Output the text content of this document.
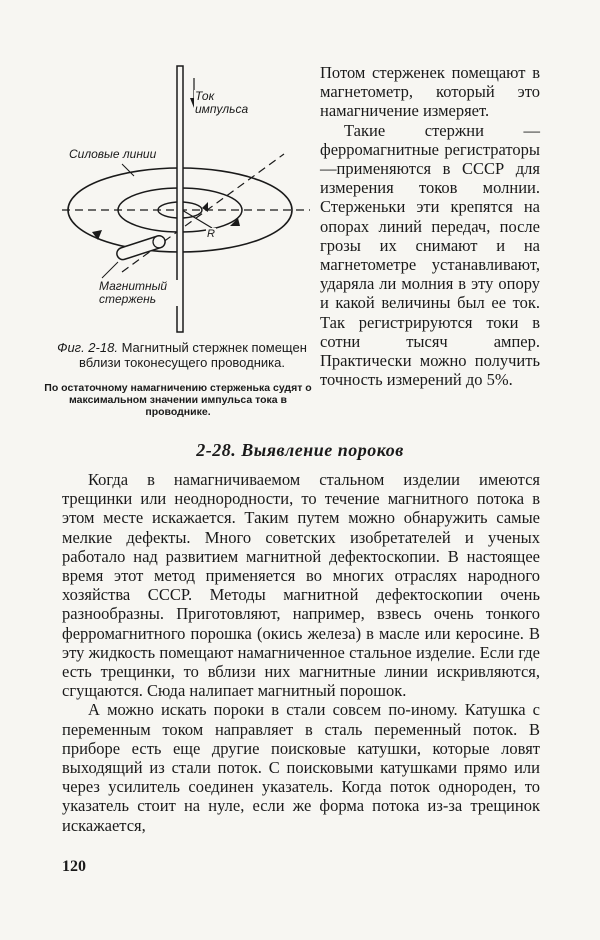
Ток импульса
Силовые линии
Магнитный стержень
R
Фиг. 2-18. Магнитный стержнек помещен вблизи токонесущего проводника.
По остаточному намагничению стерженька судят о максимальном значении импульса тока в проводнике.

Потом стерженек помещают в магнетометр, который это намагничение измеряет.

Такие стержни — ферромагнитные регистраторы—применяются в СССР для измерения токов молнии. Стерженьки эти крепятся на опорах линий передач, после грозы их снимают и на магнетометре устанавливают, ударяла ли молния в эту опору и какой величины был ее ток. Так регистрируются токи в сотни тысяч ампер. Практически можно получить точность измерений до 5%.

2-28. Выявление пороков

Когда в намагничиваемом стальном изделии имеются трещинки или неоднородности, то течение магнитного потока в этом месте искажается. Таким путем можно обнаружить самые мелкие дефекты. Много советских изобретателей и ученых работало над развитием магнитной дефектоскопии. В настоящее время этот метод применяется во многих отраслях народного хозяйства СССР. Методы магнитной дефектоскопии очень разнообразны. Приготовляют, например, взвесь очень тонкого ферромагнитного порошка (окись железа) в масле или керосине. В эту жидкость помещают намагниченное стальное изделие. Если где есть трещинки, то вблизи них магнитные линии искривляются, сгущаются. Сюда налипает магнитный порошок.

А можно искать пороки в стали совсем по-иному. Катушка с переменным током направляет в сталь переменный поток. В приборе есть еще другие поисковые катушки, которые ловят выходящий из стали поток. С поисковыми катушками прямо или через усилитель соединен указатель. Когда поток однороден, то указатель стоит на нуле, если же форма потока из-за трещинок искажается,

120
